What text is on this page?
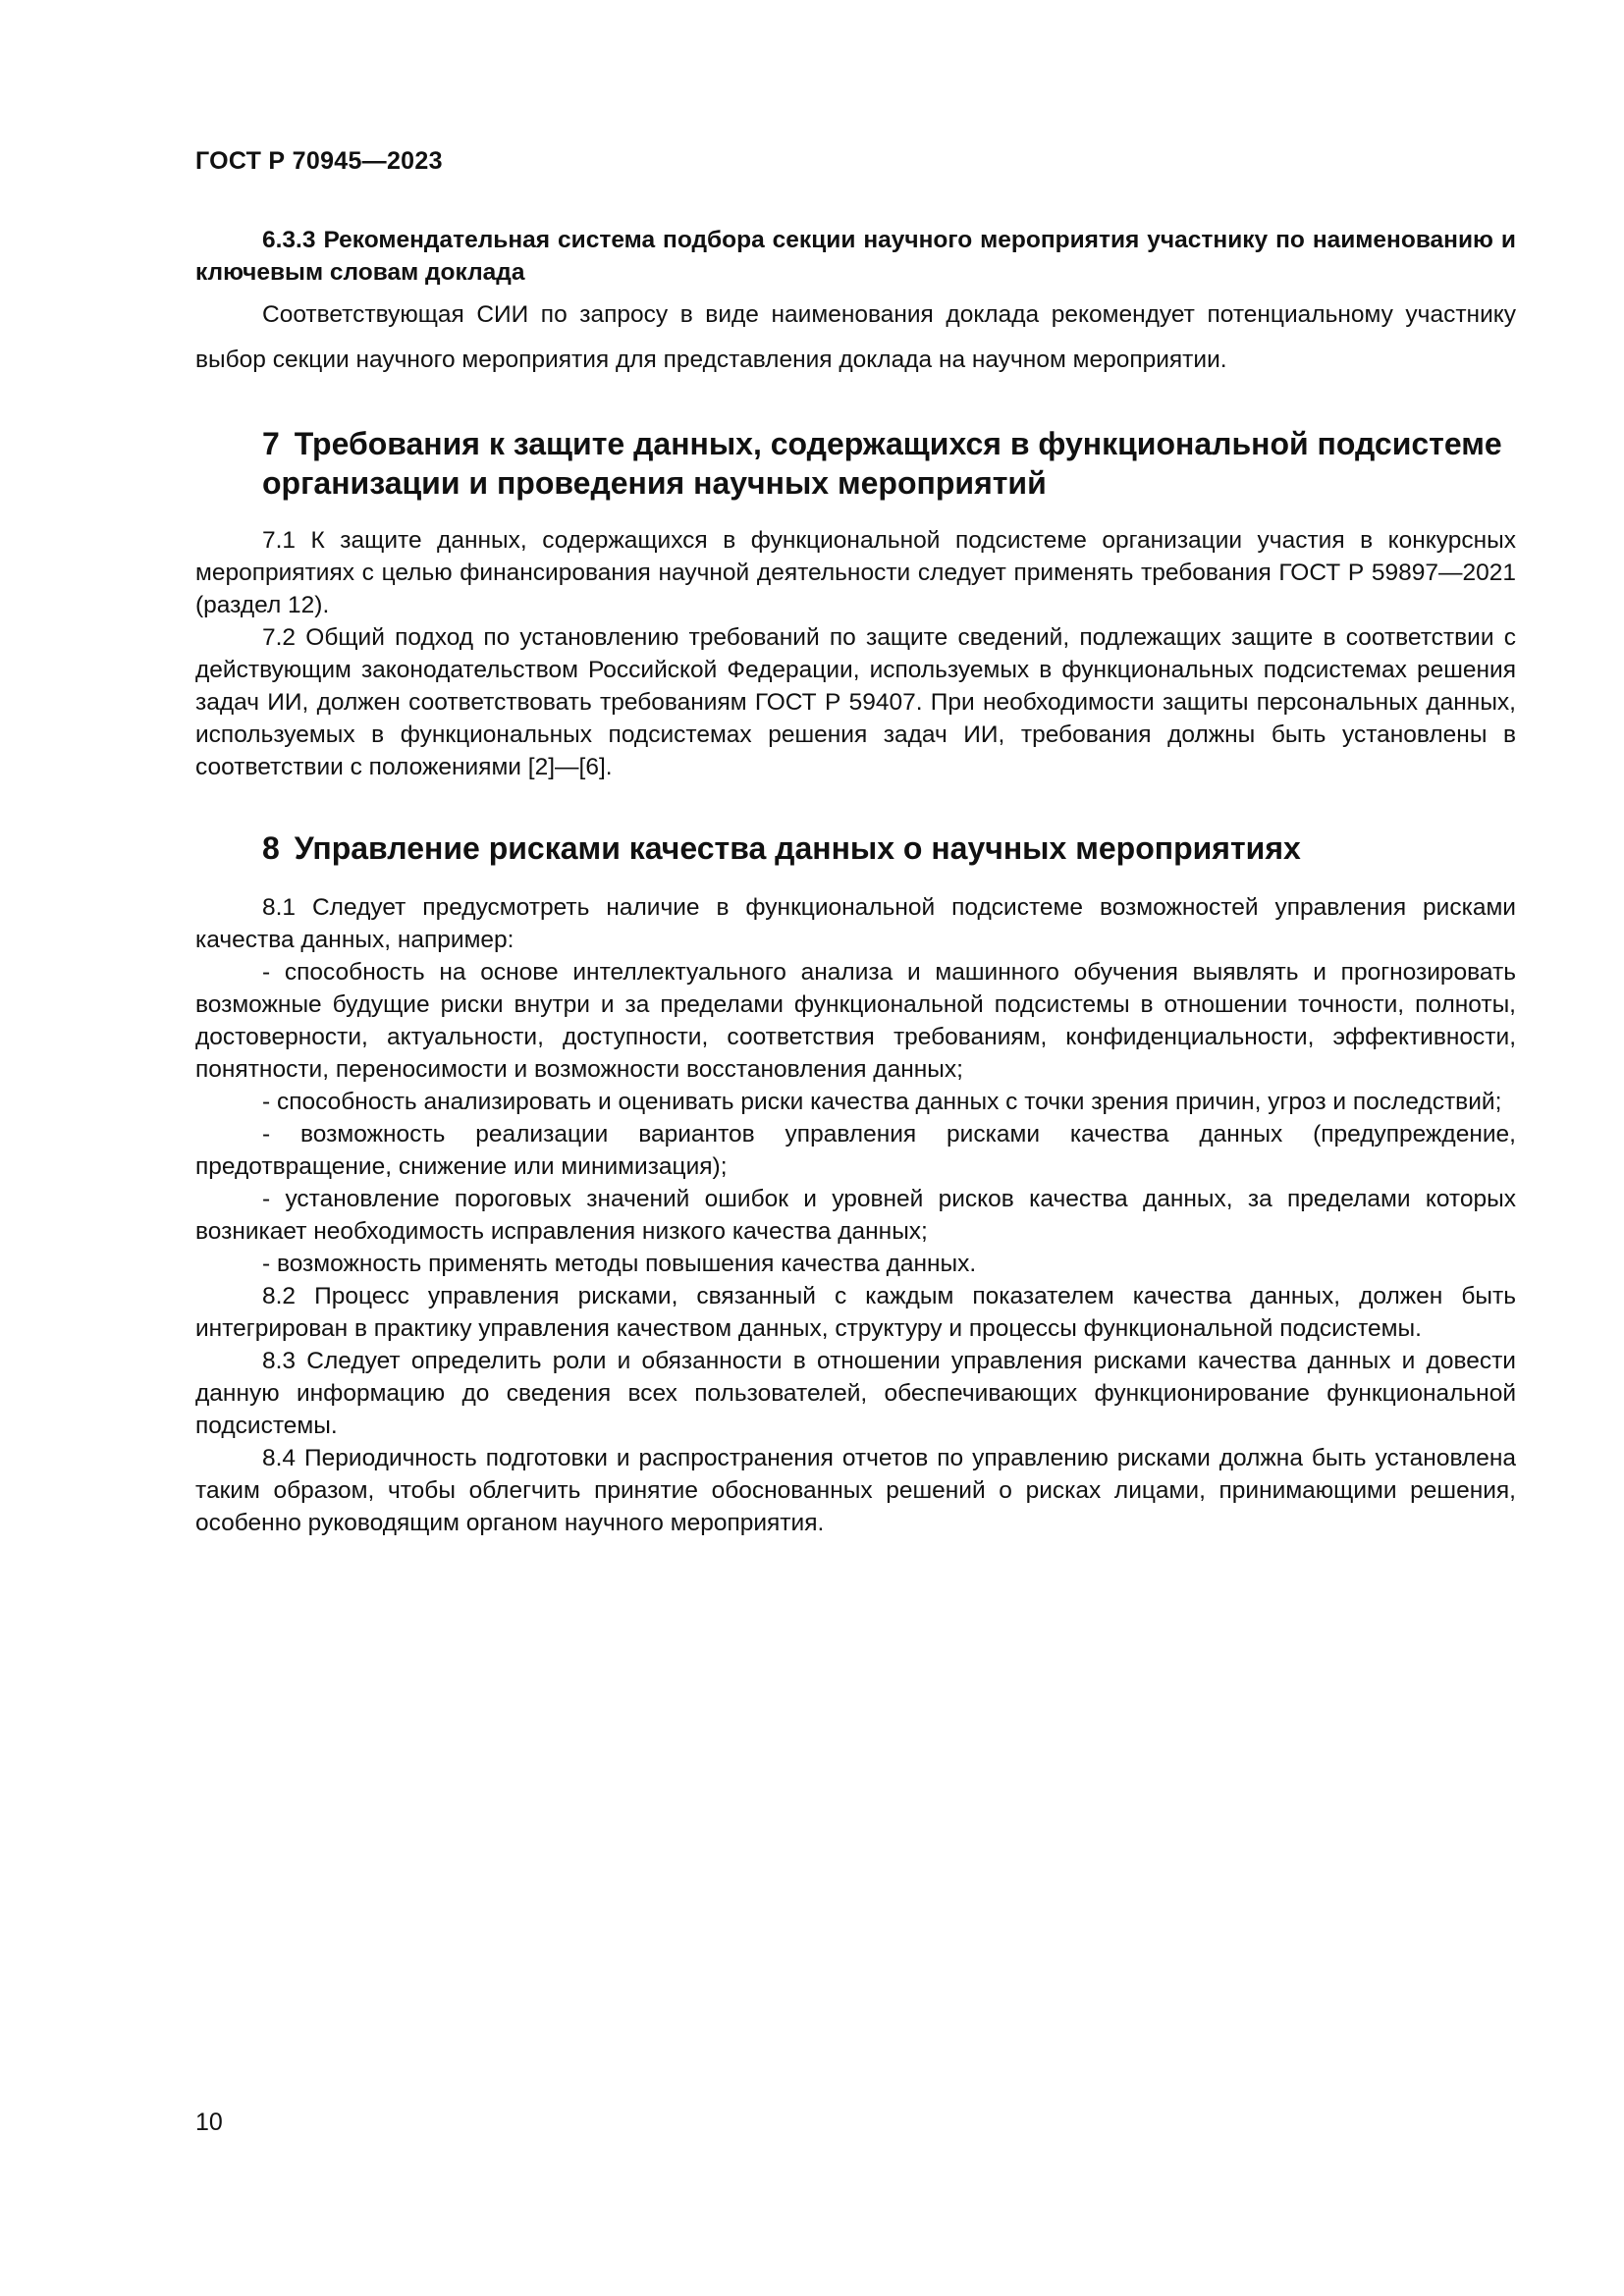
ГОСТ Р 70945—2023

6.3.3 Рекомендательная система подбора секции научного мероприятия участнику по наименованию и ключевым словам доклада

Соответствующая СИИ по запросу в виде наименования доклада рекомендует потенциальному участнику выбор секции научного мероприятия для представления доклада на научном мероприятии.

7 Требования к защите данных, содержащихся в функциональной подсистеме организации и проведения научных мероприятий

7.1 К защите данных, содержащихся в функциональной подсистеме организации участия в конкурсных мероприятиях с целью финансирования научной деятельности следует применять требования ГОСТ Р 59897—2021 (раздел 12).

7.2 Общий подход по установлению требований по защите сведений, подлежащих защите в соответствии с действующим законодательством Российской Федерации, используемых в функциональных подсистемах решения задач ИИ, должен соответствовать требованиям ГОСТ Р 59407. При необходимости защиты персональных данных, используемых в функциональных подсистемах решения задач ИИ, требования должны быть установлены в соответствии с положениями [2]—[6].

8 Управление рисками качества данных о научных мероприятиях

8.1 Следует предусмотреть наличие в функциональной подсистеме возможностей управления рисками качества данных, например:

- способность на основе интеллектуального анализа и машинного обучения выявлять и прогнозировать возможные будущие риски внутри и за пределами функциональной подсистемы в отношении точности, полноты, достоверности, актуальности, доступности, соответствия требованиям, конфиденциальности, эффективности, понятности, переносимости и возможности восстановления данных;

- способность анализировать и оценивать риски качества данных с точки зрения причин, угроз и последствий;

- возможность реализации вариантов управления рисками качества данных (предупреждение, предотвращение, снижение или минимизация);

- установление пороговых значений ошибок и уровней рисков качества данных, за пределами которых возникает необходимость исправления низкого качества данных;

- возможность применять методы повышения качества данных.

8.2 Процесс управления рисками, связанный с каждым показателем качества данных, должен быть интегрирован в практику управления качеством данных, структуру и процессы функциональной подсистемы.

8.3 Следует определить роли и обязанности в отношении управления рисками качества данных и довести данную информацию до сведения всех пользователей, обеспечивающих функционирование функциональной подсистемы.

8.4 Периодичность подготовки и распространения отчетов по управлению рисками должна быть установлена таким образом, чтобы облегчить принятие обоснованных решений о рисках лицами, принимающими решения, особенно руководящим органом научного мероприятия.

10
